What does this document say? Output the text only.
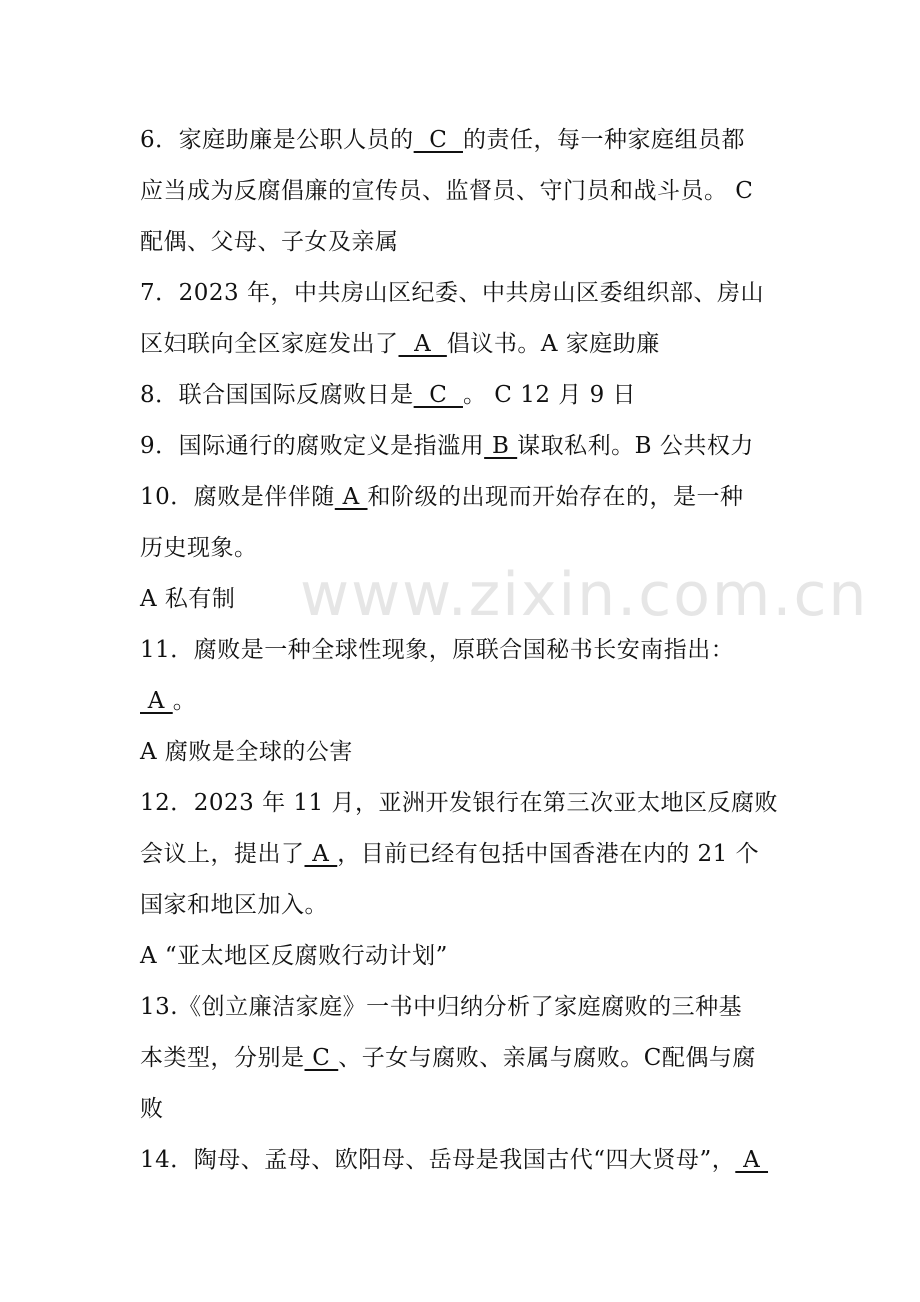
www.zixin.com.cn
6．家庭助廉是公职人员的  C  的责任，每一种家庭组员都
应当成为反腐倡廉的宣传员、监督员、守门员和战斗员。 C
配偶、父母、子女及亲属
7．2023 年，中共房山区纪委、中共房山区委组织部、房山
区妇联向全区家庭发出了  A  倡议书。A 家庭助廉
8．联合国国际反腐败日是  C  。 C 12 月 9 日
9．国际通行的腐败定义是指滥用 B 谋取私利。B 公共权力
10．腐败是伴伴随 A 和阶级的出现而开始存在的，是一种
历史现象。
A 私有制
11．腐败是一种全球性现象，原联合国秘书长安南指出：
A 。
A 腐败是全球的公害
12．2023 年 11 月，亚洲开发银行在第三次亚太地区反腐败
会议上，提出了 A ，目前已经有包括中国香港在内的 21 个
国家和地区加入。
A “亚太地区反腐败行动计划”
13.《创立廉洁家庭》一书中归纳分析了家庭腐败的三种基
本类型，分别是 C 、子女与腐败、亲属与腐败。C配偶与腐
败
14．陶母、孟母、欧阳母、岳母是我国古代“四大贤母”， A
